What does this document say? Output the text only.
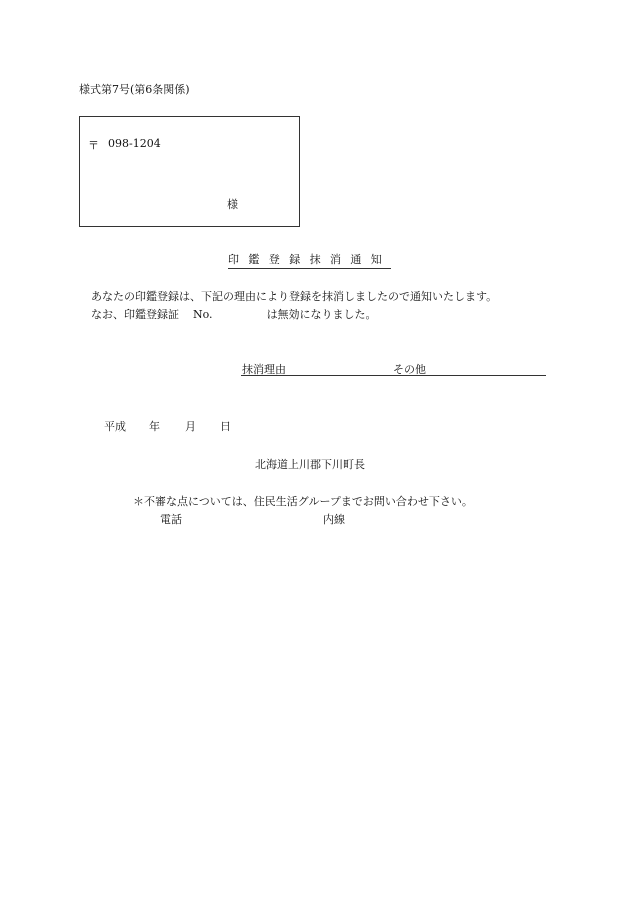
様式第7号(第6条関係)
〒 098-1204
様
印鑑登録抹消通知
あなたの印鑑登録は、下記の理由により登録を抹消しましたので通知いたします。
なお、印鑑登録証 No.	は無効になりました。
抹消理由	その他
平成 年 月 日
北海道上川郡下川町長
＊不審な点については、住民生活グループまでお問い合わせ下さい。
電話	内線
